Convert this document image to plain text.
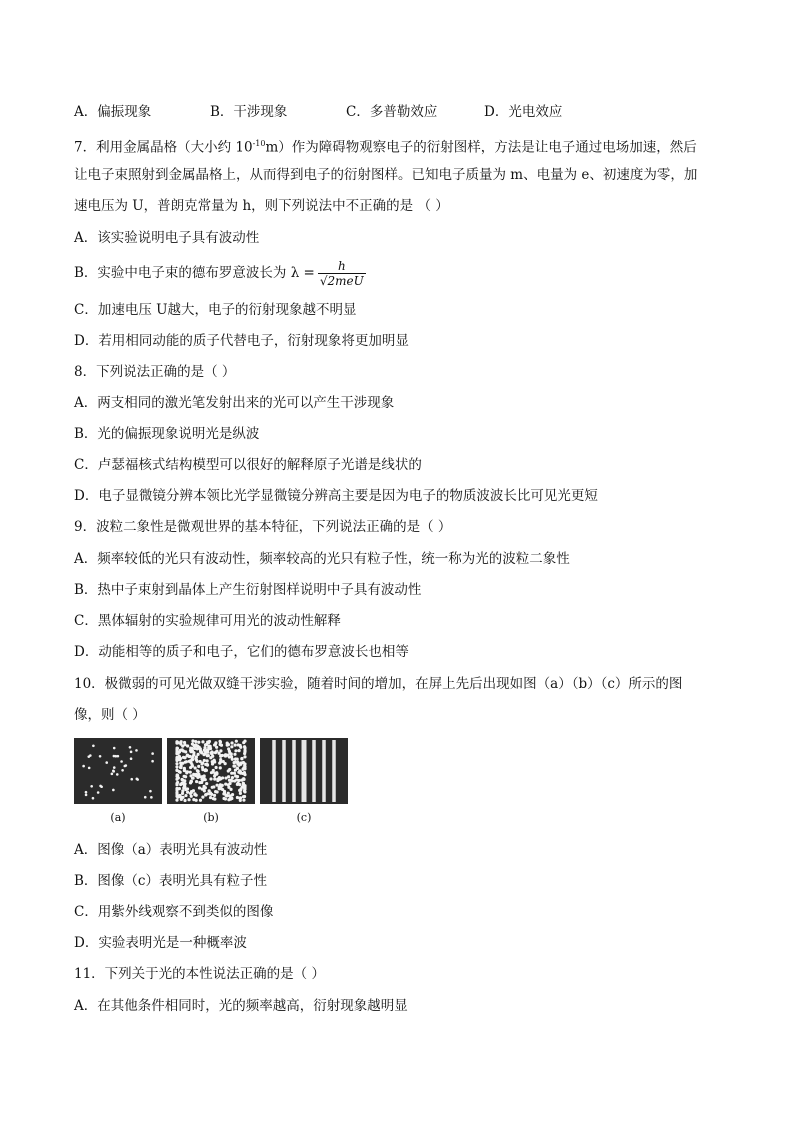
A．偏振现象	B．干涉现象	C．多普勒效应	D．光电效应
7．利用金属晶格（大小约 $10^{-10}m$）作为障碍物观察电子的衍射图样，方法是让电子通过电场加速，然后
让电子束照射到金属晶格上，从而得到电子的衍射图样。已知电子质量为 m、电量为 e、初速度为零，加
速电压为 U，普朗克常量为 h，则下列说法中不正确的是 （ ）
A．该实验说明电子具有波动性
B．实验中电子束的德布罗意波长为 $\lambda = \frac{h}{\text{√2meU}}$
C．加速电压 U越大，电子的衍射现象越不明显
D．若用相同动能的质子代替电子，衍射现象将更加明显
8．下列说法正确的是（ ）
A．两支相同的激光笔发射出来的光可以产生干涉现象
B．光的偏振现象说明光是纵波
C．卢瑟福核式结构模型可以很好的解释原子光谱是线状的
D．电子显微镜分辨本领比光学显微镜分辨高主要是因为电子的物质波波长比可见光更短
9．波粒二象性是微观世界的基本特征，下列说法正确的是（ ）
A．频率较低的光只有波动性，频率较高的光只有粒子性，统一称为光的波粒二象性
B．热中子束射到晶体上产生衍射图样说明中子具有波动性
C．黑体辐射的实验规律可用光的波动性解释
D．动能相等的质子和电子，它们的德布罗意波长也相等
10．极微弱的可见光做双缝干涉实验，随着时间的增加，在屏上先后出现如图（a）（b）（c）所示的图
像，则（ ）
(a)	(b)	(c)
A．图像（a）表明光具有波动性
B．图像（c）表明光具有粒子性
C．用紫外线观察不到类似的图像
D．实验表明光是一种概率波
11．下列关于光的本性说法正确的是（ ）
A．在其他条件相同时，光的频率越高，衍射现象越明显
